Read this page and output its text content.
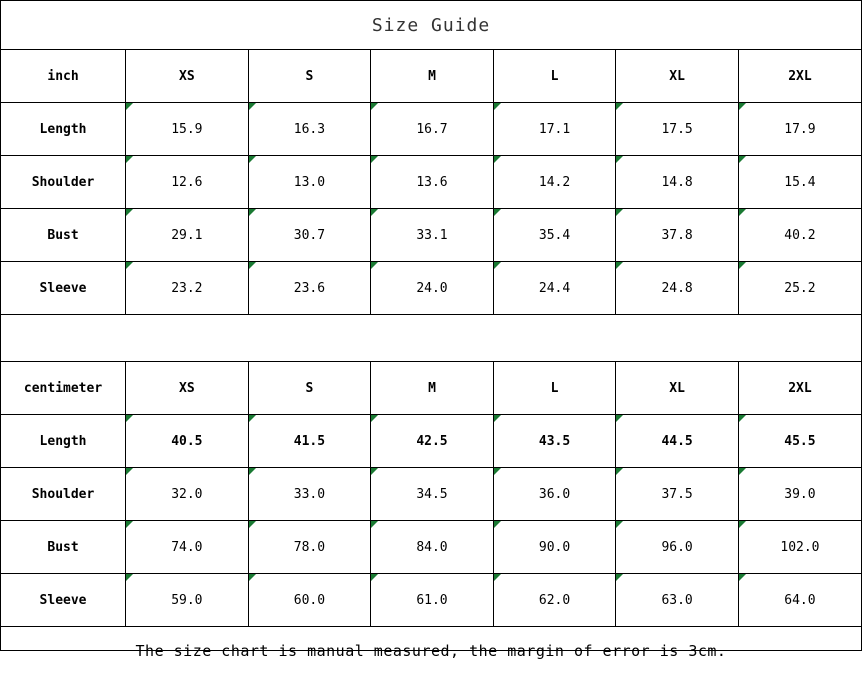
Size Guide
inch	XS	S	M	L	XL	2XL
Length	15.9	16.3	16.7	17.1	17.5	17.9
Shoulder	12.6	13.0	13.6	14.2	14.8	15.4
Bust	29.1	30.7	33.1	35.4	37.8	40.2
Sleeve	23.2	23.6	24.0	24.4	24.8	25.2
centimeter	XS	S	M	L	XL	2XL
Length	40.5	41.5	42.5	43.5	44.5	45.5
Shoulder	32.0	33.0	34.5	36.0	37.5	39.0
Bust	74.0	78.0	84.0	90.0	96.0	102.0
Sleeve	59.0	60.0	61.0	62.0	63.0	64.0
The size chart is manual measured, the margin of error is 3cm.
